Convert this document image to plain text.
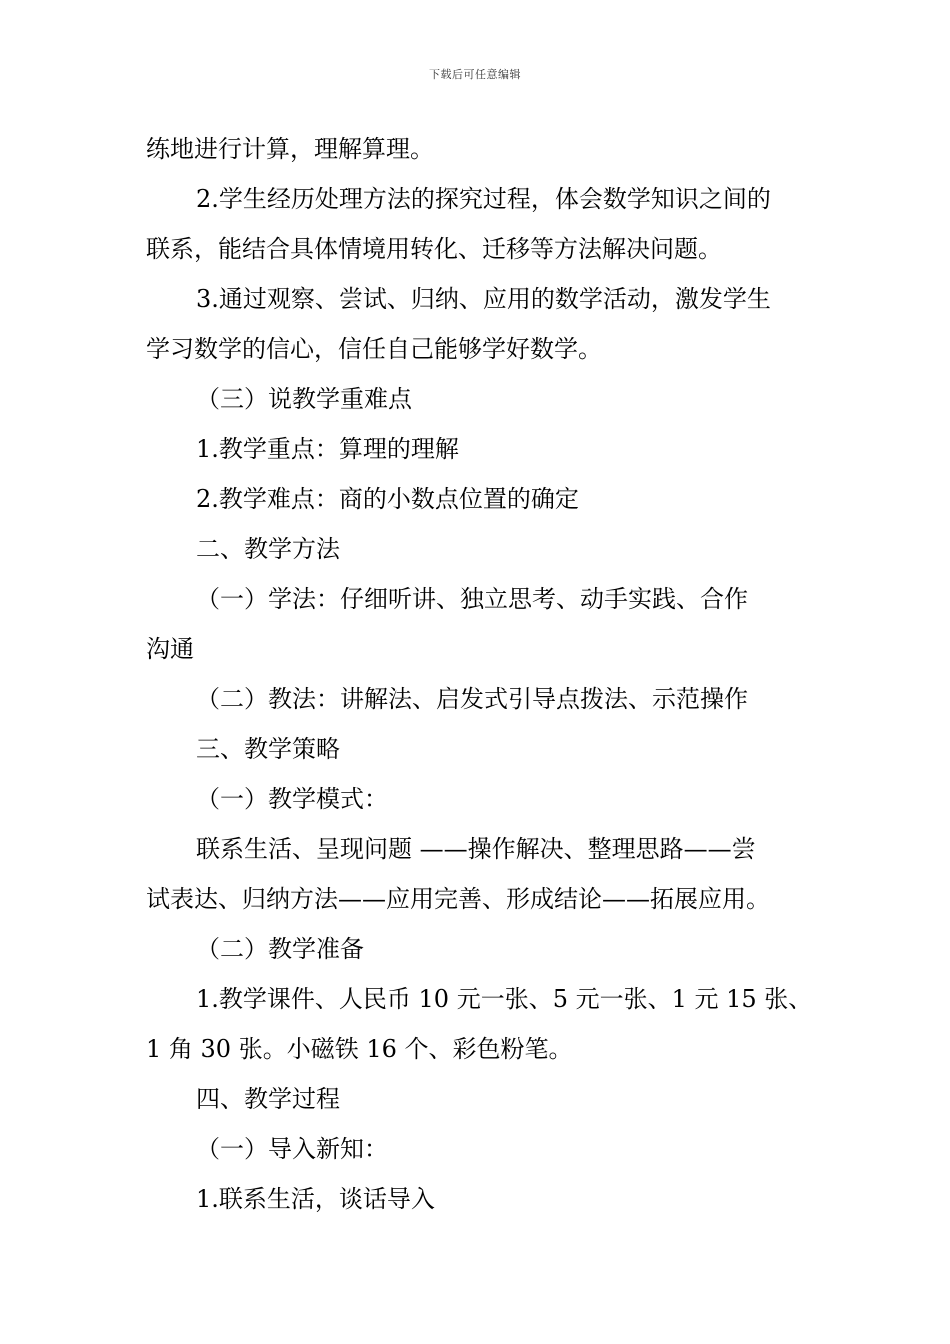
下载后可任意编辑

练地进行计算，理解算理。

2.学生经历处理方法的探究过程，体会数学知识之间的

联系，能结合具体情境用转化、迁移等方法解决问题。

3.通过观察、尝试、归纳、应用的数学活动，激发学生

学习数学的信心，信任自己能够学好数学。

（三）说教学重难点

1.教学重点：算理的理解

2.教学难点：商的小数点位置的确定

二、教学方法

（一）学法：仔细听讲、独立思考、动手实践、合作

沟通

（二）教法：讲解法、启发式引导点拨法、示范操作

三、教学策略

（一）教学模式：

联系生活、呈现问题 ——操作解决、整理思路——尝

试表达、归纳方法——应用完善、形成结论——拓展应用。

（二）教学准备

1.教学课件、人民币 10 元一张、5 元一张、1 元 15 张、

1 角 30 张。小磁铁 16 个、彩色粉笔。

四、教学过程

（一）导入新知：

1.联系生活，谈话导入
